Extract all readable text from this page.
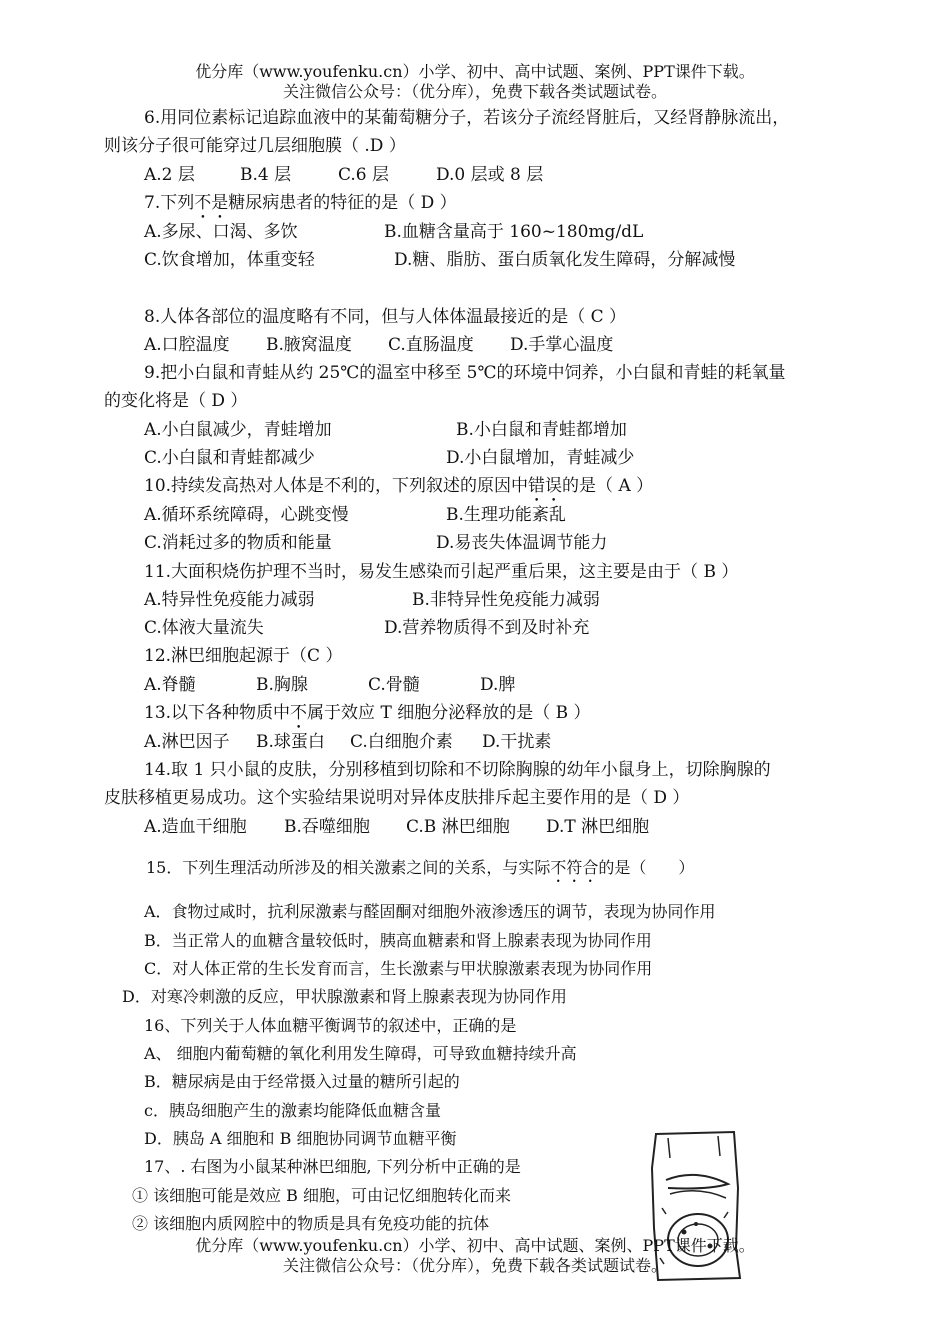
优分库（www.youfenku.cn）小学、初中、高中试题、案例、PPT课件下载。
关注微信公众号：（优分库），免费下载各类试题试卷。
6.用同位素标记追踪血液中的某葡萄糖分子，若该分子流经肾脏后，又经肾静脉流出，
则该分子很可能穿过几层细胞膜（ .D ）
A.2 层	B.4 层	C.6 层	D.0 层或 8 层
7.下列不是糖尿病患者的特征的是（ D ）
A.多尿、口渴、多饮	B.血糖含量高于 160~180mg/dL
C.饮食增加，体重变轻	D.糖、脂肪、蛋白质氧化发生障碍，分解减慢
8.人体各部位的温度略有不同，但与人体体温最接近的是（ C ）
A.口腔温度 B.腋窝温度 C.直肠温度 D.手掌心温度
9.把小白鼠和青蛙从约 25℃的温室中移至 5℃的环境中饲养，小白鼠和青蛙的耗氧量
的变化将是（ D ）
A.小白鼠减少，青蛙增加	B.小白鼠和青蛙都增加
C.小白鼠和青蛙都减少	D.小白鼠增加，青蛙减少
10.持续发高热对人体是不利的，下列叙述的原因中错误的是（ A ）
A.循环系统障碍，心跳变慢	B.生理功能紊乱
C.消耗过多的物质和能量	D.易丧失体温调节能力
11.大面积烧伤护理不当时，易发生感染而引起严重后果，这主要是由于（ B ）
A.特异性免疫能力减弱	B.非特异性免疫能力减弱
C.体液大量流失	D.营养物质得不到及时补充
12.淋巴细胞起源于（C ）
A.脊髓	B.胸腺	C.骨髓	D.脾
13.以下各种物质中不属于效应 T 细胞分泌释放的是（ B ）
A.淋巴因子 B.球蛋白 C.白细胞介素 D.干扰素
14.取 1 只小鼠的皮肤，分别移植到切除和不切除胸腺的幼年小鼠身上，切除胸腺的
皮肤移植更易成功。这个实验结果说明对异体皮肤排斥起主要作用的是（ D ）
A.造血干细胞 B.吞噬细胞 C.B 淋巴细胞 D.T 淋巴细胞
15．下列生理活动所涉及的相关激素之间的关系，与实际不符合的是（　　）
A．食物过咸时，抗利尿激素与醛固酮对细胞外液渗透压的调节，表现为协同作用
B．当正常人的血糖含量较低时，胰高血糖素和肾上腺素表现为协同作用
C．对人体正常的生长发育而言，生长激素与甲状腺激素表现为协同作用
D．对寒冷刺激的反应，甲状腺激素和肾上腺素表现为协同作用
16、下列关于人体血糖平衡调节的叙述中，正确的是
A、 细胞内葡萄糖的氧化利用发生障碍，可导致血糖持续升高
B．糖尿病是由于经常摄入过量的糖所引起的
c．胰岛细胞产生的激素均能降低血糖含量
D．胰岛 A 细胞和 B 细胞协同调节血糖平衡
17、. 右图为小鼠某种淋巴细胞, 下列分析中正确的是
① 该细胞可能是效应 B 细胞，可由记忆细胞转化而来
② 该细胞内质网腔中的物质是具有免疫功能的抗体
优分库（www.youfenku.cn）小学、初中、高中试题、案例、PPT课件下载。
关注微信公众号：（优分库），免费下载各类试题试卷。
